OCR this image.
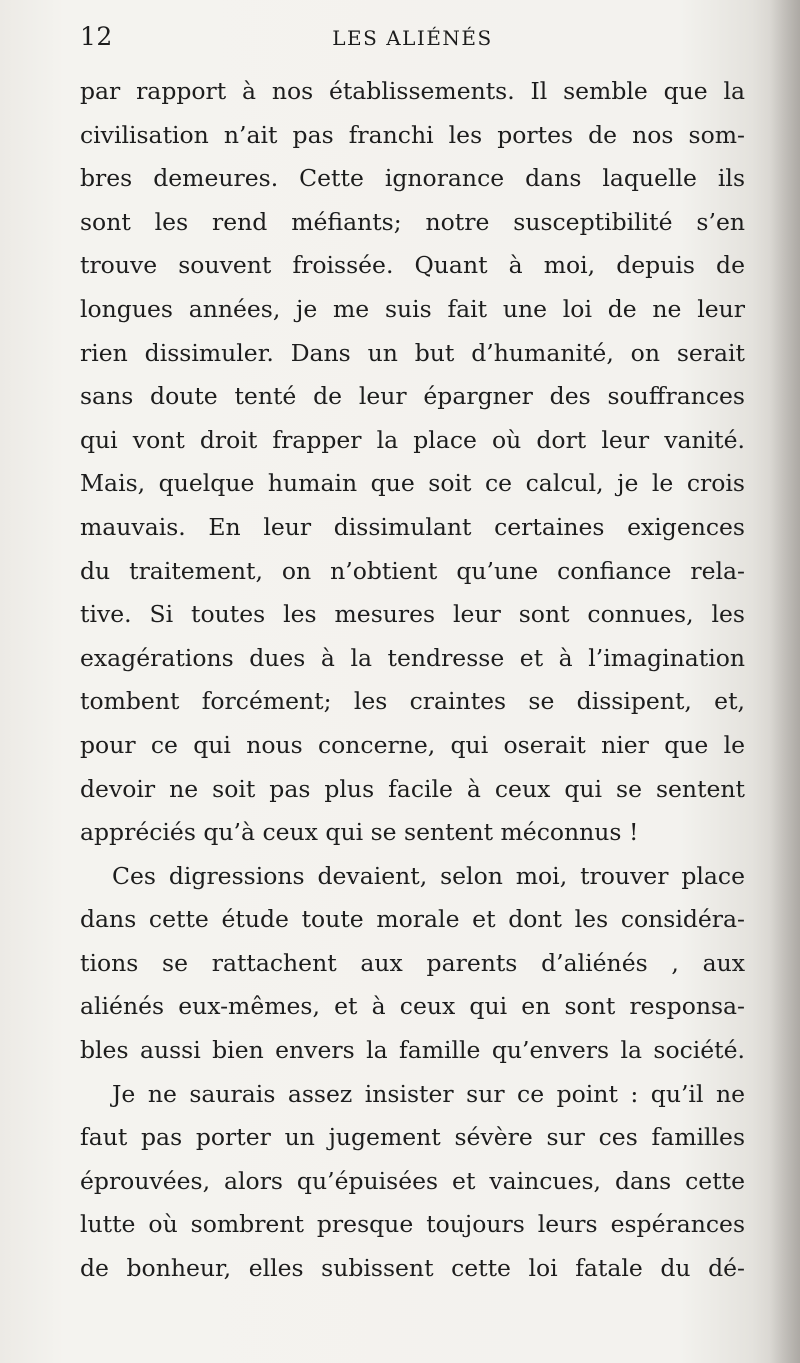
12	LES ALIÉNÉS
par rapport à nos établissements. Il semble que la
civilisation n’ait pas franchi les portes de nos som-
bres demeures. Cette ignorance dans laquelle ils
sont les rend méfiants; notre susceptibilité s’en
trouve souvent froissée. Quant à moi, depuis de
longues années, je me suis fait une loi de ne leur
rien dissimuler. Dans un but d’humanité, on serait
sans doute tenté de leur épargner des souffrances
qui vont droit frapper la place où dort leur vanité.
Mais, quelque humain que soit ce calcul, je le crois
mauvais. En leur dissimulant certaines exigences
du traitement, on n’obtient qu’une confiance rela-
tive. Si toutes les mesures leur sont connues, les
exagérations dues à la tendresse et à l’imagination
tombent forcément; les craintes se dissipent, et,
pour ce qui nous concerne, qui oserait nier que le
devoir ne soit pas plus facile à ceux qui se sentent
appréciés qu’à ceux qui se sentent méconnus !
Ces digressions devaient, selon moi, trouver place
dans cette étude toute morale et dont les considéra-
tions se rattachent aux parents d’aliénés , aux
aliénés eux-mêmes, et à ceux qui en sont responsa-
bles aussi bien envers la famille qu’envers la société.
Je ne saurais assez insister sur ce point : qu’il ne
faut pas porter un jugement sévère sur ces familles
éprouvées, alors qu’épuisées et vaincues, dans cette
lutte où sombrent presque toujours leurs espérances
de bonheur, elles subissent cette loi fatale du dé-
